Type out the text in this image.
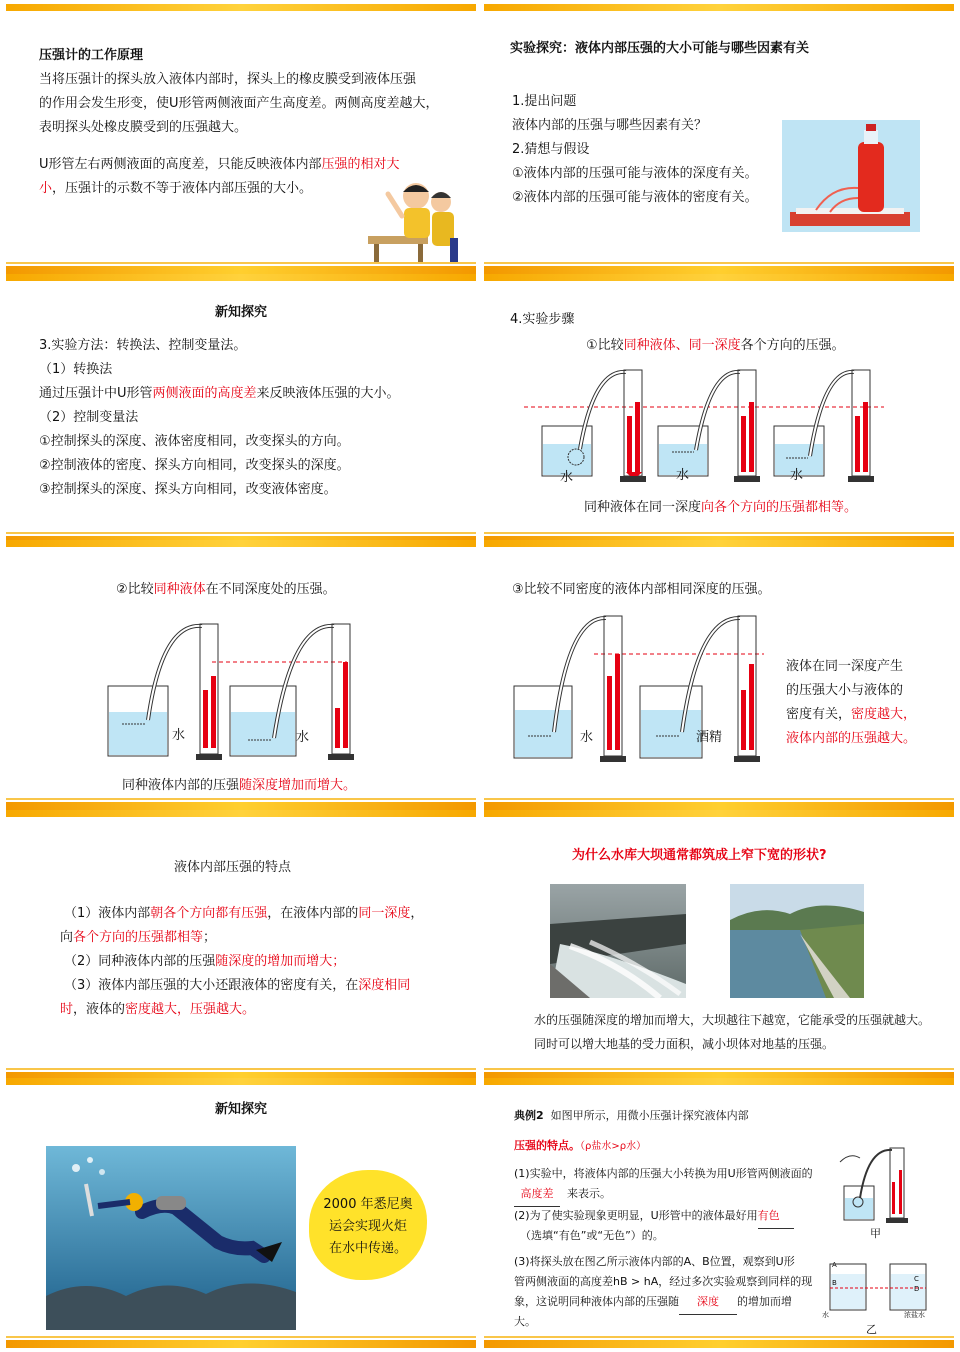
压强计的工作原理
当将压强计的探头放入液体内部时，探头上的橡皮膜受到液体压强
的作用会发生形变，使U形管两侧液面产生高度差。两侧高度差越大，
表明探头处橡皮膜受到的压强越大。
U形管左右两侧液面的高度差，只能反映液体内部压强的相对大
小，压强计的示数不等于液体内部压强的大小。
实验探究：液体内部压强的大小可能与哪些因素有关
1.提出问题
液体内部的压强与哪些因素有关？
2.猜想与假设
①液体内部的压强可能与液体的深度有关。
②液体内部的压强可能与液体的密度有关。
新知探究
3.实验方法：转换法、控制变量法。
（1）转换法
通过压强计中U形管两侧液面的高度差来反映液体压强的大小。
（2）控制变量法
①控制探头的深度、液体密度相同，改变探头的方向。
②控制液体的密度、探头方向相同，改变探头的深度。
③控制探头的深度、探头方向相同，改变液体密度。
4.实验步骤
①比较同种液体、同一深度各个方向的压强。
水	水	水
同种液体在同一深度向各个方向的压强都相等。
②比较同种液体在不同深度处的压强。
水	水
同种液体内部的压强随深度增加而增大。
③比较不同密度的液体内部相同深度的压强。
水	酒精
液体在同一深度产生
的压强大小与液体的
密度有关，密度越大，
液体内部的压强越大。
液体内部压强的特点
（1）液体内部朝各个方向都有压强，在液体内部的同一深度，
向各个方向的压强都相等；
（2）同种液体内部的压强随深度的增加而增大；
（3）液体内部压强的大小还跟液体的密度有关，在深度相同
时，液体的密度越大，压强越大。
为什么水库大坝通常都筑成上窄下宽的形状?
水的压强随深度的增加而增大，大坝越往下越宽，它能承受的压强就越大。
同时可以增大地基的受力面积，减小坝体对地基的压强。
新知探究
2000 年悉尼奥
运会实现火炬
在水中传递。
典例2 如图甲所示，用微小压强计探究液体内部
压强的特点。（ρ盐水>ρ水）
(1)实验中，将液体内部的压强大小转换为用U形管两侧液面的
高度差 来表示。
(2)为了使实验现象更明显，U形管中的液体最好用有色
（选填“有色”或“无色”）的。
(3)将探头放在图乙所示液体内部的A、B位置，观察到U形
管两侧液面的高度差hB > hA，经过多次实验观察到同样的现
象，这说明同种液体内部的压强随 深度 的增加而增
大。
甲
A
B	C
D
水	浓盐水
乙
